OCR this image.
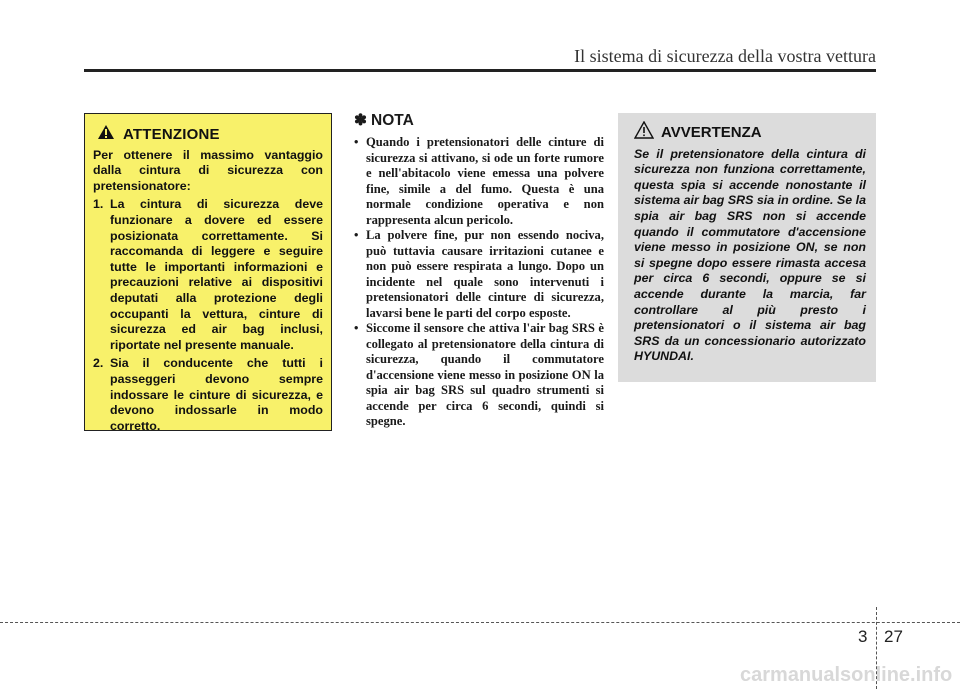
Il sistema di sicurezza della vostra vettura
ATTENZIONE

Per ottenere il massimo vantaggio dalla cintura di sicurezza con pretensionatore:

1. La cintura di sicurezza deve funzionare a dovere ed essere posizionata correttamente. Si raccomanda di leggere e seguire tutte le importanti informazioni e precauzioni relative ai dispositivi deputati alla protezione degli occupanti la vettura, cinture di sicurezza ed air bag inclusi, riportate nel presente manuale.
2. Sia il conducente che tutti i passeggeri devono sempre indossare le cinture di sicurezza, e devono indossarle in modo corretto.
✽ NOTA
• Quando i pretensionatori delle cinture di sicurezza si attivano, si ode un forte rumore e nell'abitacolo viene emessa una polvere fine, simile a del fumo. Questa è una normale condizione operativa e non rappresenta alcun pericolo.
• La polvere fine, pur non essendo nociva, può tuttavia causare irritazioni cutanee e non può essere respirata a lungo. Dopo un incidente nel quale sono intervenuti i pretensionatori delle cinture di sicurezza, lavarsi bene le parti del corpo esposte.
• Siccome il sensore che attiva l'air bag SRS è collegato al pretensionatore della cintura di sicurezza, quando il commutatore d'accensione viene messo in posizione ON la spia air bag SRS sul quadro strumenti si accende per circa 6 secondi, quindi si spegne.
AVVERTENZA

Se il pretensionatore della cintura di sicurezza non funziona correttamente, questa spia si accende nonostante il sistema air bag SRS sia in ordine. Se la spia air bag SRS non si accende quando il commutatore d'accensione viene messo in posizione ON, se non si spegne dopo essere rimasta accesa per circa 6 secondi, oppure se si accende durante la marcia, far controllare al più presto i pretensionatori o il sistema air bag SRS da un concessionario autorizzato HYUNDAI.

3 27
carmanualsonline.info
